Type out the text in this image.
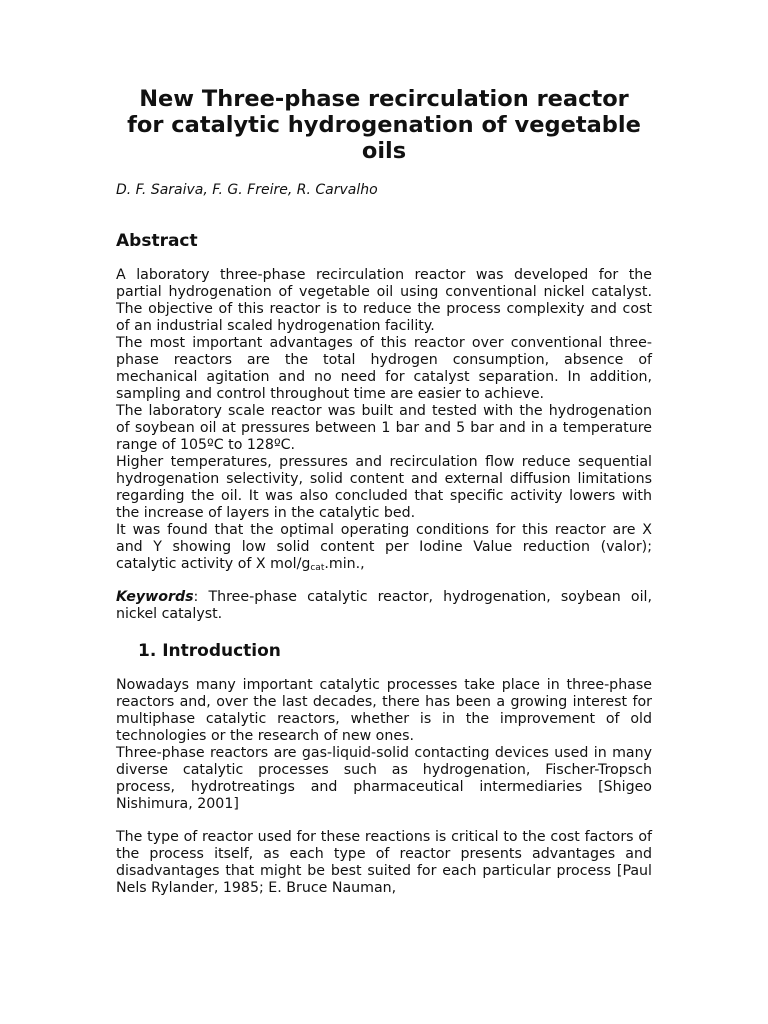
New Three-phase recirculation reactor
for catalytic hydrogenation of vegetable
oils

D. F. Saraiva, F. G. Freire, R. Carvalho

Abstract

A laboratory three-phase recirculation reactor was developed for the partial hydrogenation of vegetable oil using conventional nickel catalyst. The objective of this reactor is to reduce the process complexity and cost of an industrial scaled hydrogenation facility.

The most important advantages of this reactor over conventional three-phase reactors are the total hydrogen consumption, absence of mechanical agitation and no need for catalyst separation. In addition, sampling and control throughout time are easier to achieve.

The laboratory scale reactor was built and tested with the hydrogenation of soybean oil at pressures between 1 bar and 5 bar and in a temperature range of 105ºC to 128ºC.

Higher temperatures, pressures and recirculation flow reduce sequential hydrogenation selectivity, solid content and external diffusion limitations regarding the oil. It was also concluded that specific activity lowers with the increase of layers in the catalytic bed.

It was found that the optimal operating conditions for this reactor are X and Y showing low solid content per Iodine Value reduction (valor); catalytic activity of X mol/$g_{cat}.\min$.,

Keywords: Three-phase catalytic reactor, hydrogenation, soybean oil, nickel catalyst.

1. Introduction

Nowadays many important catalytic processes take place in three-phase reactors and, over the last decades, there has been a growing interest for multiphase catalytic reactors, whether is in the improvement of old technologies or the research of new ones.

Three-phase reactors are gas-liquid-solid contacting devices used in many diverse catalytic processes such as hydrogenation, Fischer-Tropsch process, hydrotreatings and pharmaceutical intermediaries [Shigeo Nishimura, 2001]

The type of reactor used for these reactions is critical to the cost factors of the process itself, as each type of reactor presents advantages and disadvantages that might be best suited for each particular process [Paul Nels Rylander, 1985; E. Bruce Nauman,
